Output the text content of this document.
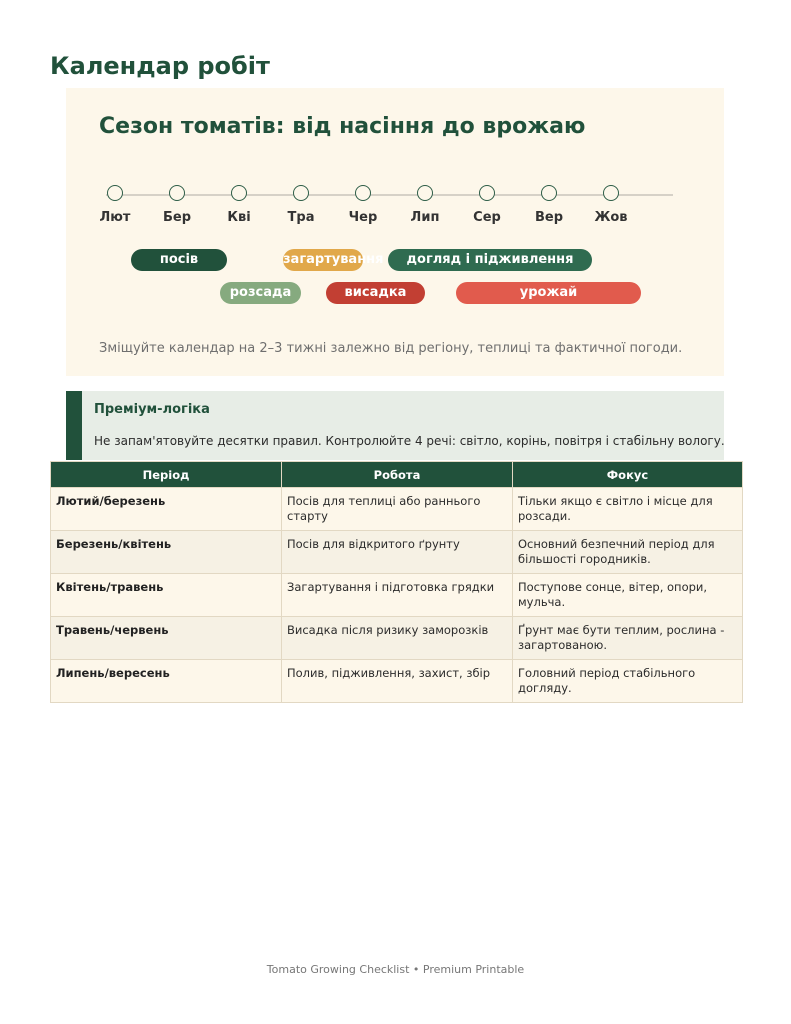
Календар робіт
Сезон томатів: від насіння до врожаю
Лют	Бер	Кві	Тра	Чер	Лип	Сер	Вер	Жов
посів	загартування	догляд і підживлення
розсада	висадка	урожай
Зміщуйте календар на 2–3 тижні залежно від регіону, теплиці та фактичної погоди.
Преміум-логіка
Не запам'ятовуйте десятки правил. Контролюйте 4 речі: світло, корінь, повітря і стабільну вологу.
Період	Робота	Фокус
Лютий/березень	Посів для теплиці або раннього старту	Тільки якщо є світло і місце для розсади.
Березень/квітень	Посів для відкритого ґрунту	Основний безпечний період для більшості городників.
Квітень/травень	Загартування і підготовка грядки	Поступове сонце, вітер, опори, мульча.
Травень/червень	Висадка після ризику заморозків	Ґрунт має бути теплим, рослина - загартованою.
Липень/вересень	Полив, підживлення, захист, збір	Головний період стабільного догляду.
Tomato Growing Checklist • Premium Printable
